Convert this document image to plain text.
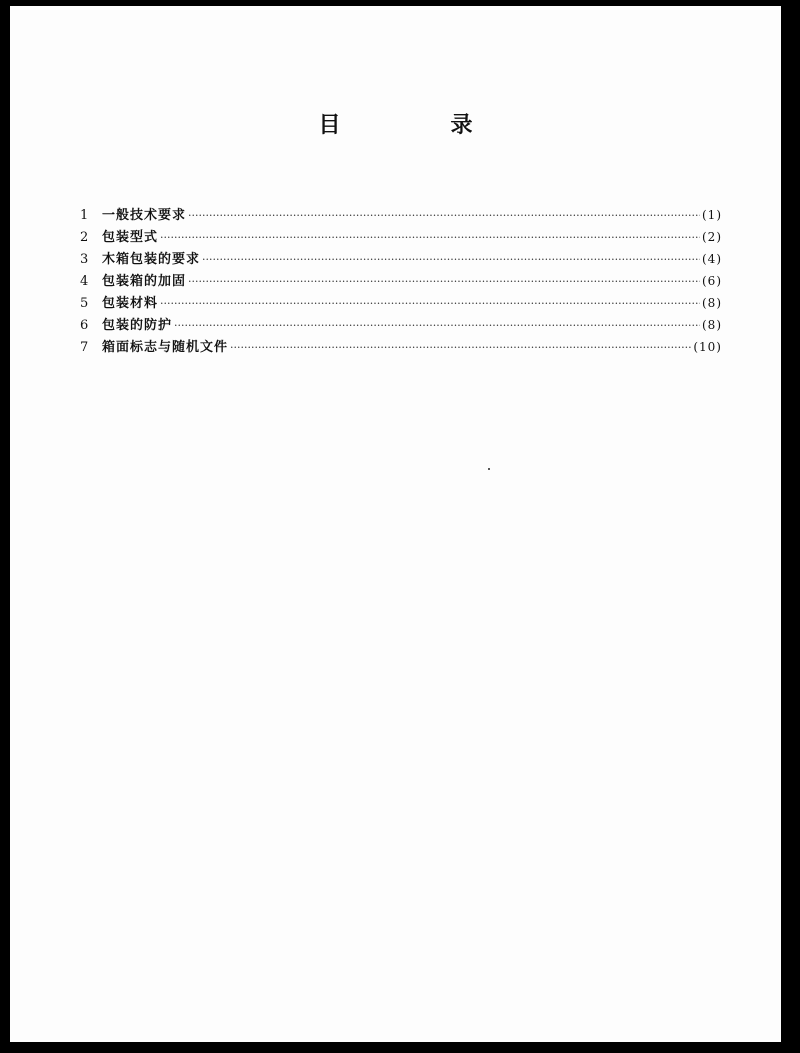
目　录
1	一般技术要求 ·····	(1)
2	包装型式 ·····	(2)
3	木箱包装的要求 ·····	(4)
4	包装箱的加固 ·····	(6)
5	包装材料 ·····	(8)
6	包装的防护 ·····	(8)
7	箱面标志与随机文件 ·····	(10)
